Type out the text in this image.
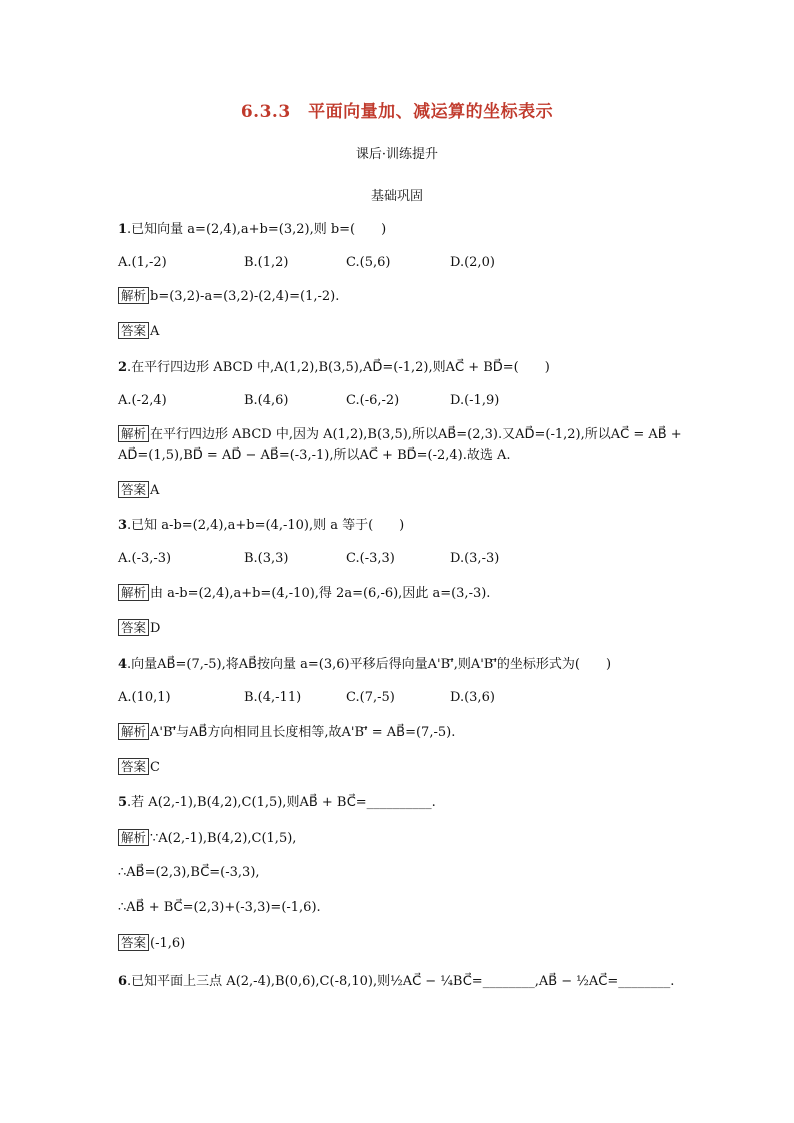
6.3.3　平面向量加、减运算的坐标表示
课后·训练提升
基础巩固
1.已知向量 a=(2,4),a+b=(3,2),则 b=(　　)
A.(1,-2)	B.(1,2)	C.(5,6)	D.(2,0)
解析 b=(3,2)-a=(3,2)-(2,4)=(1,-2).
答案 A
2.在平行四边形 ABCD 中,A(1,2),B(3,5),AD⃗=(-1,2),则AC⃗ + BD⃗=(　　)
A.(-2,4)	B.(4,6)	C.(-6,-2)	D.(-1,9)
解析 在平行四边形 ABCD 中,因为 A(1,2),B(3,5),所以AB⃗=(2,3).又AD⃗=(-1,2),所以AC⃗ = AB⃗ +
AD⃗=(1,5),BD⃗ = AD⃗ − AB⃗=(-3,-1),所以AC⃗ + BD⃗=(-2,4).故选 A.
答案 A
3.已知 a-b=(2,4),a+b=(4,-10),则 a 等于(　　)
A.(-3,-3)	B.(3,3)	C.(-3,3)	D.(3,-3)
解析 由 a-b=(2,4),a+b=(4,-10),得 2a=(6,-6),因此 a=(3,-3).
答案 D
4.向量AB⃗=(7,-5),将AB⃗按向量 a=(3,6)平移后得向量A'B'⃗,则A'B'⃗的坐标形式为(　　)
A.(10,1)	B.(4,-11)	C.(7,-5)	D.(3,6)
解析 A'B'⃗与AB⃗方向相同且长度相等,故A'B'⃗ = AB⃗=(7,-5).
答案 C
5.若 A(2,-1),B(4,2),C(1,5),则AB⃗ + BC⃗=__________.
解析 ∵A(2,-1),B(4,2),C(1,5),
∴AB⃗=(2,3),BC⃗=(-3,3),
∴AB⃗ + BC⃗=(2,3)+(-3,3)=(-1,6).
答案 (-1,6)
6.已知平面上三点 A(2,-4),B(0,6),C(-8,10),则½AC⃗ − ¼BC⃗=________,AB⃗ − ½AC⃗=________.
